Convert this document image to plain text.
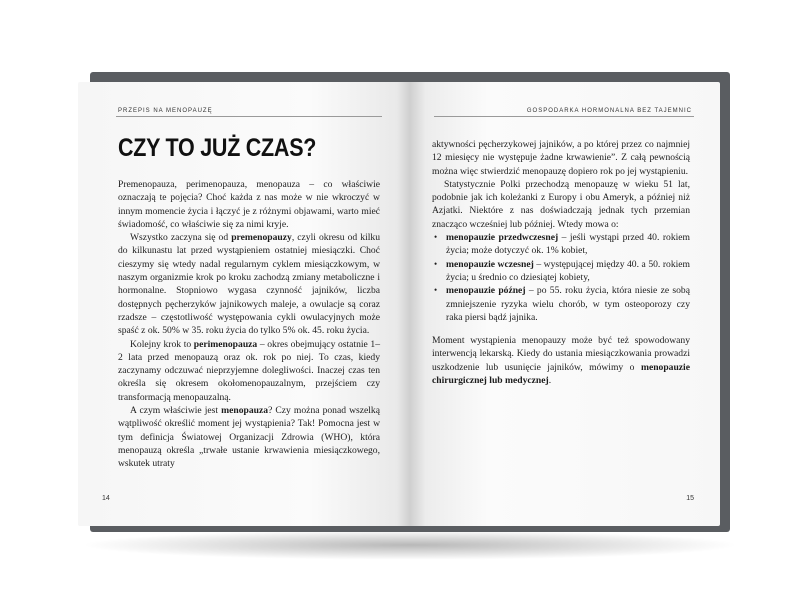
PRZEPIS NA MENOPAUZĘ
CZY TO JUŻ CZAS?

Premenopauza, perimenopauza, menopauza – co właściwie oznaczają te pojęcia? Choć każda z nas może w nie wkroczyć w innym momencie życia i łączyć je z różnymi objawami, warto mieć świadomość, co właściwie się za nimi kryje.

Wszystko zaczyna się od premenopauzy, czyli okresu od kilku do kilkunastu lat przed wystąpieniem ostatniej miesiączki. Choć cieszymy się wtedy nadal regularnym cyklem miesiączkowym, w naszym organizmie krok po kroku zachodzą zmiany metaboliczne i hormonalne. Stopniowo wygasa czynność jajników, liczba dostępnych pęcherzyków jajnikowych maleje, a owulacje są coraz rzadsze – częstotliwość występowania cykli owulacyjnych może spaść z ok. 50% w 35. roku życia do tylko 5% ok. 45. roku życia.

Kolejny krok to perimenopauza – okres obejmujący ostatnie 1–2 lata przed menopauzą oraz ok. rok po niej. To czas, kiedy zaczynamy odczuwać nieprzyjemne dolegliwości. Inaczej czas ten określa się okresem okołomenopauzalnym, przejściem czy transformacją menopauzalną.

A czym właściwie jest menopauza? Czy można ponad wszelką wątpliwość określić moment jej wystąpienia? Tak! Pomocna jest w tym definicja Światowej Organizacji Zdrowia (WHO), która menopauzą określa „trwałe ustanie krwawienia miesiączkowego, wskutek utraty

14
GOSPODARKA HORMONALNA BEZ TAJEMNIC

aktywności pęcherzykowej jajników, a po której przez co najmniej 12 miesięcy nie występuje żadne krwawienie”. Z całą pewnością można więc stwierdzić menopauzę dopiero rok po jej wystąpieniu.

Statystycznie Polki przechodzą menopauzę w wieku 51 lat, podobnie jak ich koleżanki z Europy i obu Ameryk, a później niż Azjatki. Niektóre z nas doświadczają jednak tych przemian znacząco wcześniej lub później. Wtedy mowa o:

• menopauzie przedwczesnej – jeśli wystąpi przed 40. rokiem życia; może dotyczyć ok. 1% kobiet,
• menopauzie wczesnej – występującej między 40. a 50. rokiem życia; u średnio co dziesiątej kobiety,
• menopauzie późnej – po 55. roku życia, która niesie ze sobą zmniejszenie ryzyka wielu chorób, w tym osteoporozy czy raka piersi bądź jajnika.

Moment wystąpienia menopauzy może być też spowodowany interwencją lekarską. Kiedy do ustania miesiączkowania prowadzi uszkodzenie lub usunięcie jajników, mówimy o menopauzie chirurgicznej lub medycznej.

15
